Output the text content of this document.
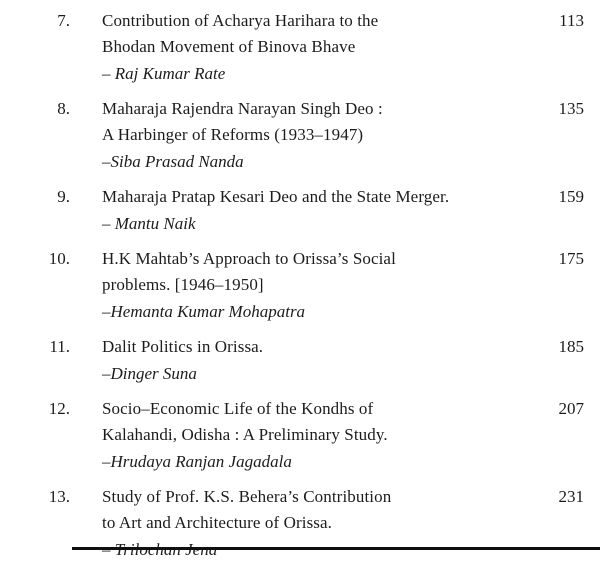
7. Contribution of Acharya Harihara to the
Bhodan Movement of Binova Bhave
– Raj Kumar Rate
113
8. Maharaja Rajendra Narayan Singh Deo :
A Harbinger of Reforms (1933–1947)
–Siba Prasad Nanda
135
9. Maharaja Pratap Kesari Deo and the State Merger.
– Mantu Naik
159
10. H.K Mahtab’s Approach to Orissa’s Social
problems. [1946–1950]
–Hemanta Kumar Mohapatra
175
11. Dalit Politics in Orissa.
–Dinger Suna
185
12. Socio–Economic Life of the Kondhs of
Kalahandi, Odisha : A Preliminary Study.
–Hrudaya Ranjan Jagadala
207
13. Study of Prof. K.S. Behera’s Contribution
to Art and Architecture of Orissa.
231
